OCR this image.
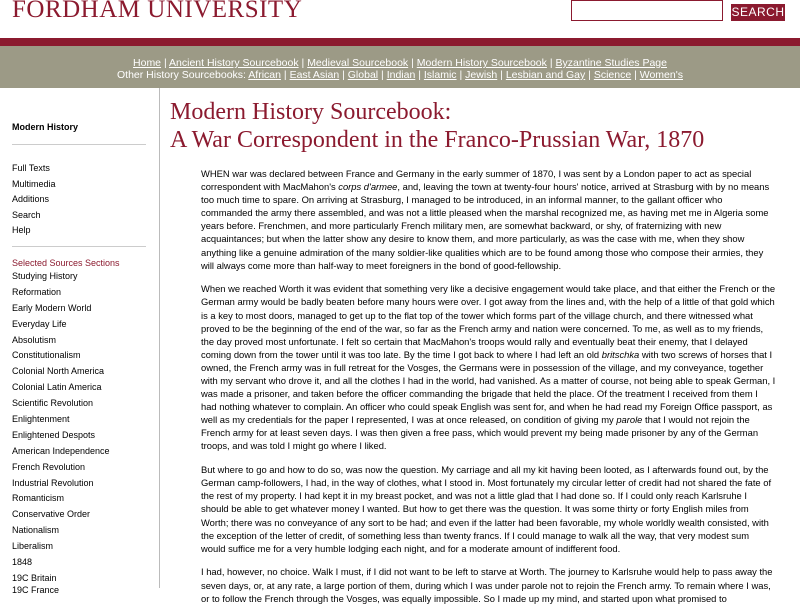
FORDHAM UNIVERSITY	SEARCH
Home | Ancient History Sourcebook | Medieval Sourcebook | Modern History Sourcebook | Byzantine Studies Page
Other History Sourcebooks: African | East Asian | Global | Indian | Islamic | Jewish | Lesbian and Gay | Science | Women's
Modern History
Full Texts
Multimedia
Additions
Search
Help
Selected Sources Sections
Studying History
Reformation
Early Modern World
Everyday Life
Absolutism
Constitutionalism
Colonial North America
Colonial Latin America
Scientific Revolution
Enlightenment
Enlightened Despots
American Independence
French Revolution
Industrial Revolution
Romanticism
Conservative Order
Nationalism
Liberalism
1848
19C Britain
19C France
Modern History Sourcebook:
A War Correspondent in the Franco-Prussian War, 1870

WHEN war was declared between France and Germany in the early summer of 1870, I was sent by a London paper to act as special correspondent with MacMahon's corps d'armee, and, leaving the town at twenty-four hours' notice, arrived at Strasburg with by no means too much time to spare. On arriving at Strasburg, I managed to be introduced, in an informal manner, to the gallant officer who commanded the army there assembled, and was not a little pleased when the marshal recognized me, as having met me in Algeria some years before. Frenchmen, and more particularly French military men, are somewhat backward, or shy, of fraternizing with new acquaintances; but when the latter show any desire to know them, and more particularly, as was the case with me, when they show anything like a genuine admiration of the many soldier-like qualities which are to be found among those who compose their armies, they will always come more than half-way to meet foreigners in the bond of good-fellowship.

When we reached Worth it was evident that something very like a decisive engagement would take place, and that either the French or the German army would be badly beaten before many hours were over. I got away from the lines and, with the help of a little of that gold which is a key to most doors, managed to get up to the flat top of the tower which forms part of the village church, and there witnessed what proved to be the beginning of the end of the war, so far as the French army and nation were concerned. To me, as well as to my friends, the day proved most unfortunate. I felt so certain that MacMahon's troops would rally and eventually beat their enemy, that I delayed coming down from the tower until it was too late. By the time I got back to where I had left an old britschka with two screws of horses that I owned, the French army was in full retreat for the Vosges, the Germans were in possession of the village, and my conveyance, together with my servant who drove it, and all the clothes I had in the world, had vanished. As a matter of course, not being able to speak German, I was made a prisoner, and taken before the officer commanding the brigade that held the place. Of the treatment I received from them I had nothing whatever to complain. An officer who could speak English was sent for, and when he had read my Foreign Office passport, as well as my credentials for the paper I represented, I was at once released, on condition of giving my parole that I would not rejoin the French army for at least seven days. I was then given a free pass, which would prevent my being made prisoner by any of the German troops, and was told I might go where I liked.

But where to go and how to do so, was now the question. My carriage and all my kit having been looted, as I afterwards found out, by the German camp-followers, I had, in the way of clothes, what I stood in. Most fortunately my circular letter of credit had not shared the fate of the rest of my property. I had kept it in my breast pocket, and was not a little glad that I had done so. If I could only reach Karlsruhe I should be able to get whatever money I wanted. But how to get there was the question. It was some thirty or forty English miles from Worth; there was no conveyance of any sort to be had; and even if the latter had been favorable, my whole worldly wealth consisted, with the exception of the letter of credit, of something less than twenty francs. If I could manage to walk all the way, that very modest sum would suffice me for a very humble lodging each night, and for a moderate amount of indifferent food.

I had, however, no choice. Walk I must, if I did not want to be left to starve at Worth. The journey to Karlsruhe would help to pass away the seven days, or, at any rate, a large portion of them, during which I was under parole not to rejoin the French army. To remain where I was, or to follow the French through the Vosges, was equally impossible. So I made up my mind, and started upon what promised to
